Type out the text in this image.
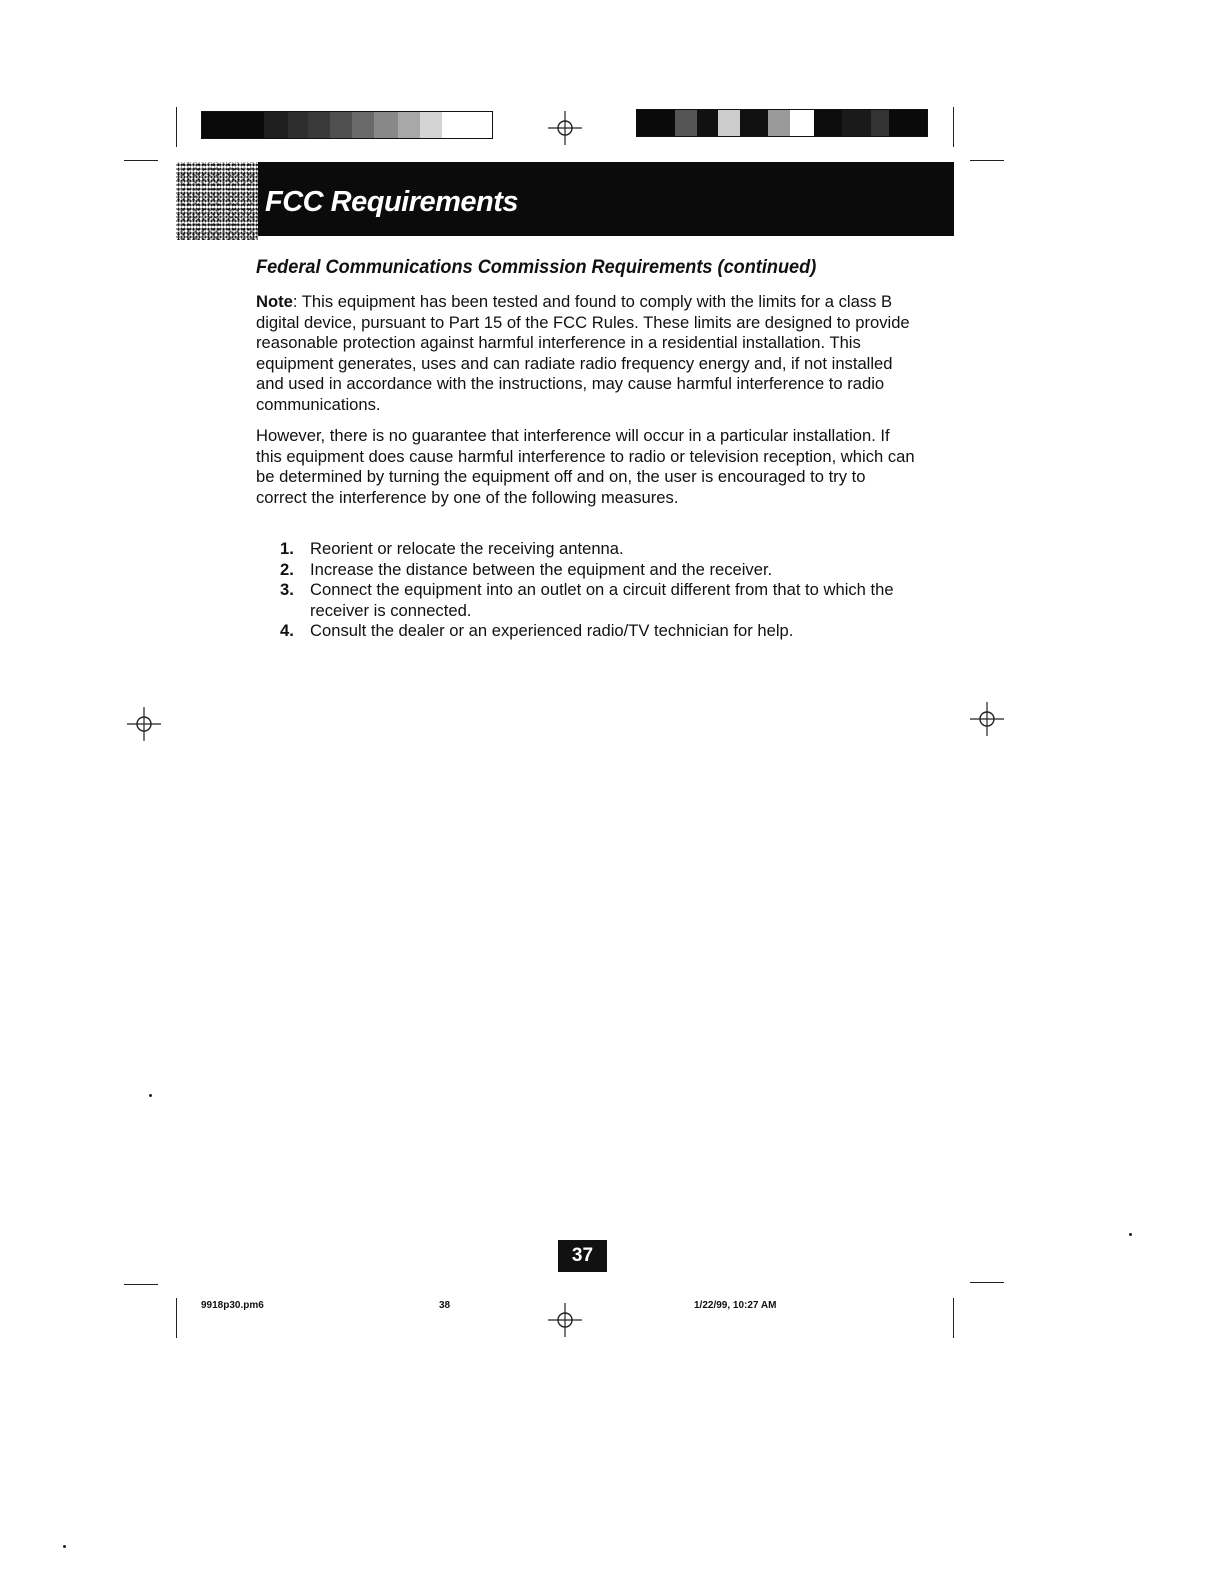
FCC Requirements
Federal Communications Commission Requirements (continued)
Note: This equipment has been tested and found to comply with the limits for a class B digital device, pursuant to Part 15 of the FCC Rules. These limits are designed to provide reasonable protection against harmful interference in a residential installation. This equipment generates, uses and can radiate radio frequency energy and, if not installed and used in accordance with the instructions, may cause harmful interference to radio communications.
However, there is no guarantee that interference will occur in a particular installation. If this equipment does cause harmful interference to radio or television reception, which can be determined by turning the equipment off and on, the user is encouraged to try to correct the interference by one of the following measures.
1. Reorient or relocate the receiving antenna.
2. Increase the distance between the equipment and the receiver.
3. Connect the equipment into an outlet on a circuit different from that to which the receiver is connected.
4. Consult the dealer or an experienced radio/TV technician for help.
37
9918p30.pm6	38	1/22/99, 10:27 AM
